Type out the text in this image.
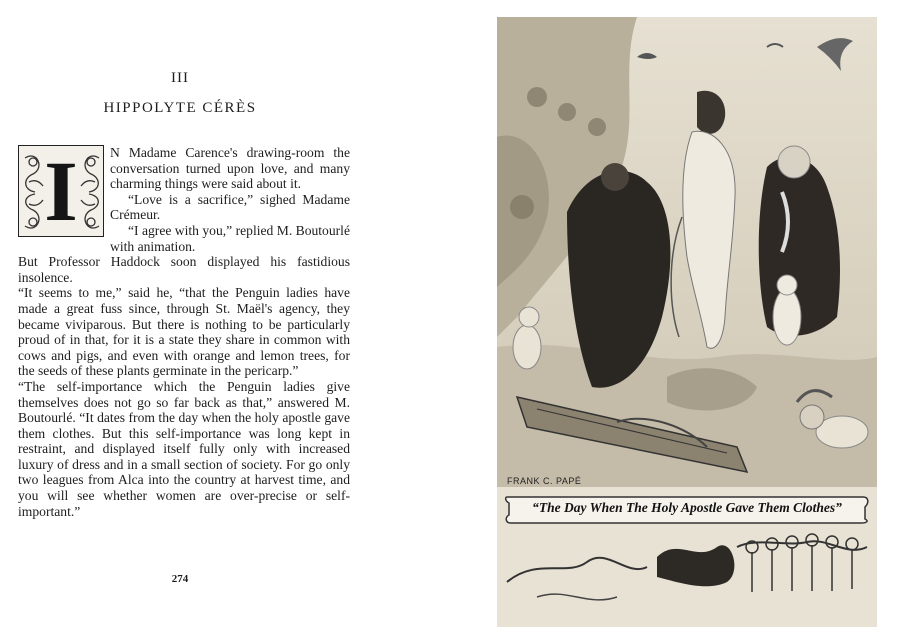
III
HIPPOLYTE CÉRÈS
I	N Madame Carence's drawing-room the conversation turned upon love, and many charming things were said about it.

“Love is a sacrifice,” sighed Madame Crémeur.

“I agree with you,” replied M. Boutourlé with animation.

But Professor Haddock soon displayed his fastidious insolence.

“It seems to me,” said he, “that the Penguin ladies have made a great fuss since, through St. Maël's agency, they became viviparous. But there is nothing to be particularly proud of in that, for it is a state they share in common with cows and pigs, and even with orange and lemon trees, for the seeds of these plants germinate in the pericarp.”

“The self-importance which the Penguin ladies give themselves does not go so far back as that,” answered M. Boutourlé. “It dates from the day when the holy apostle gave them clothes. But this self-importance was long kept in restraint, and displayed itself fully only with increased luxury of dress and in a small section of society. For go only two leagues from Alca into the country at harvest time, and you will see whether women are over-precise or self-important.”

274
FRANK C. PAPÉ
“The Day When The Holy Apostle Gave Them Clothes”
